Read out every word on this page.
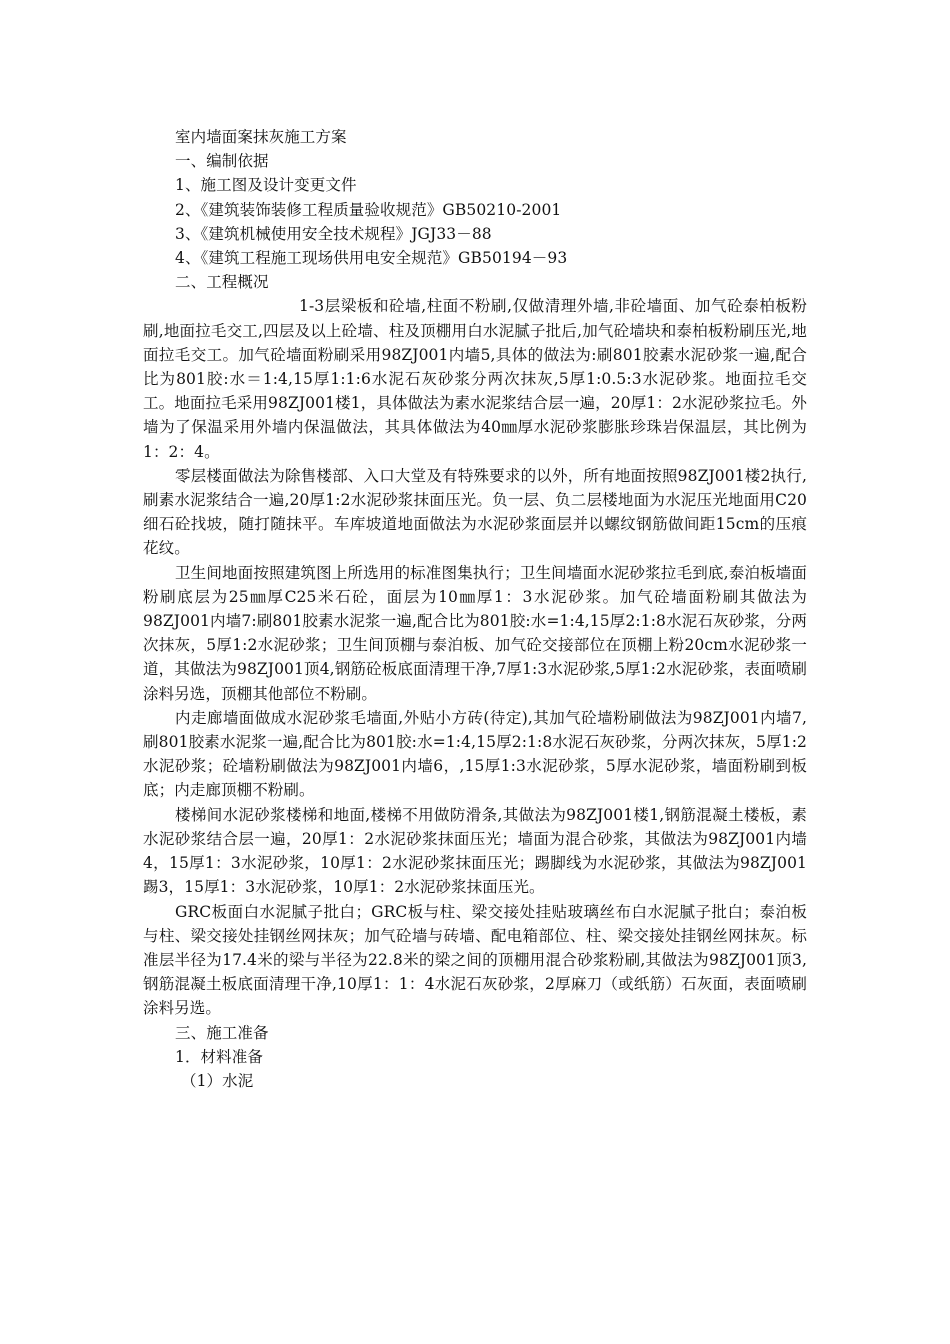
室内墙面案抹灰施工方案

一、编制依据

1、施工图及设计变更文件

2、《建筑装饰装修工程质量验收规范》GB50210-2001

3、《建筑机械使用安全技术规程》JGJ33－88

4、《建筑工程施工现场供用电安全规范》GB50194－93

二、工程概况

1-3层梁板和砼墙,柱面不粉刷,仅做清理外墙,非砼墙面、加气砼泰柏板粉刷,地面拉毛交工,四层及以上砼墙、柱及顶棚用白水泥腻子批后,加气砼墙块和泰柏板粉刷压光,地面拉毛交工。加气砼墙面粉刷采用98ZJ001内墙5,具体的做法为:刷801胶素水泥砂浆一遍,配合比为801胶:水＝1:4,15厚1:1:6水泥石灰砂浆分两次抹灰,5厚1:0.5:3水泥砂浆。地面拉毛交工。地面拉毛采用98ZJ001楼1，具体做法为素水泥浆结合层一遍，20厚1：2水泥砂浆拉毛。外墙为了保温采用外墙内保温做法，其具体做法为40㎜厚水泥砂浆膨胀珍珠岩保温层，其比例为1：2：4。

零层楼面做法为除售楼部、入口大堂及有特殊要求的以外，所有地面按照98ZJ001楼2执行,刷素水泥浆结合一遍,20厚1:2水泥砂浆抹面压光。负一层、负二层楼地面为水泥压光地面用C20细石砼找坡，随打随抹平。车库坡道地面做法为水泥砂浆面层并以螺纹钢筋做间距15cm的压痕花纹。

卫生间地面按照建筑图上所选用的标准图集执行；卫生间墙面水泥砂浆拉毛到底,泰泊板墙面粉刷底层为25㎜厚C25米石砼，面层为10㎜厚1：3水泥砂浆。加气砼墙面粉刷其做法为98ZJ001内墙7:刷801胶素水泥浆一遍,配合比为801胶:水=1:4,15厚2:1:8水泥石灰砂浆，分两次抹灰，5厚1:2水泥砂浆；卫生间顶棚与泰泊板、加气砼交接部位在顶棚上粉20cm水泥砂浆一道，其做法为98ZJ001顶4,钢筋砼板底面清理干净,7厚1:3水泥砂浆,5厚1:2水泥砂浆，表面喷刷涂料另选，顶棚其他部位不粉刷。

内走廊墙面做成水泥砂浆毛墙面,外贴小方砖(待定),其加气砼墙粉刷做法为98ZJ001内墙7,刷801胶素水泥浆一遍,配合比为801胶:水=1:4,15厚2:1:8水泥石灰砂浆，分两次抹灰，5厚1:2水泥砂浆；砼墙粉刷做法为98ZJ001内墙6，,15厚1:3水泥砂浆，5厚水泥砂浆，墙面粉刷到板底；内走廊顶棚不粉刷。

楼梯间水泥砂浆楼梯和地面,楼梯不用做防滑条,其做法为98ZJ001楼1,钢筋混凝土楼板，素水泥砂浆结合层一遍，20厚1：2水泥砂浆抹面压光；墙面为混合砂浆，其做法为98ZJ001内墙4，15厚1：3水泥砂浆，10厚1：2水泥砂浆抹面压光；踢脚线为水泥砂浆，其做法为98ZJ001踢3，15厚1：3水泥砂浆，10厚1：2水泥砂浆抹面压光。

GRC板面白水泥腻子批白；GRC板与柱、梁交接处挂贴玻璃丝布白水泥腻子批白；泰泊板与柱、梁交接处挂钢丝网抹灰；加气砼墙与砖墙、配电箱部位、柱、梁交接处挂钢丝网抹灰。标准层半径为17.4米的梁与半径为22.8米的梁之间的顶棚用混合砂浆粉刷,其做法为98ZJ001顶3,钢筋混凝土板底面清理干净,10厚1：1：4水泥石灰砂浆，2厚麻刀（或纸筋）石灰面，表面喷刷涂料另选。

三、施工准备

1．材料准备

（1）水泥
